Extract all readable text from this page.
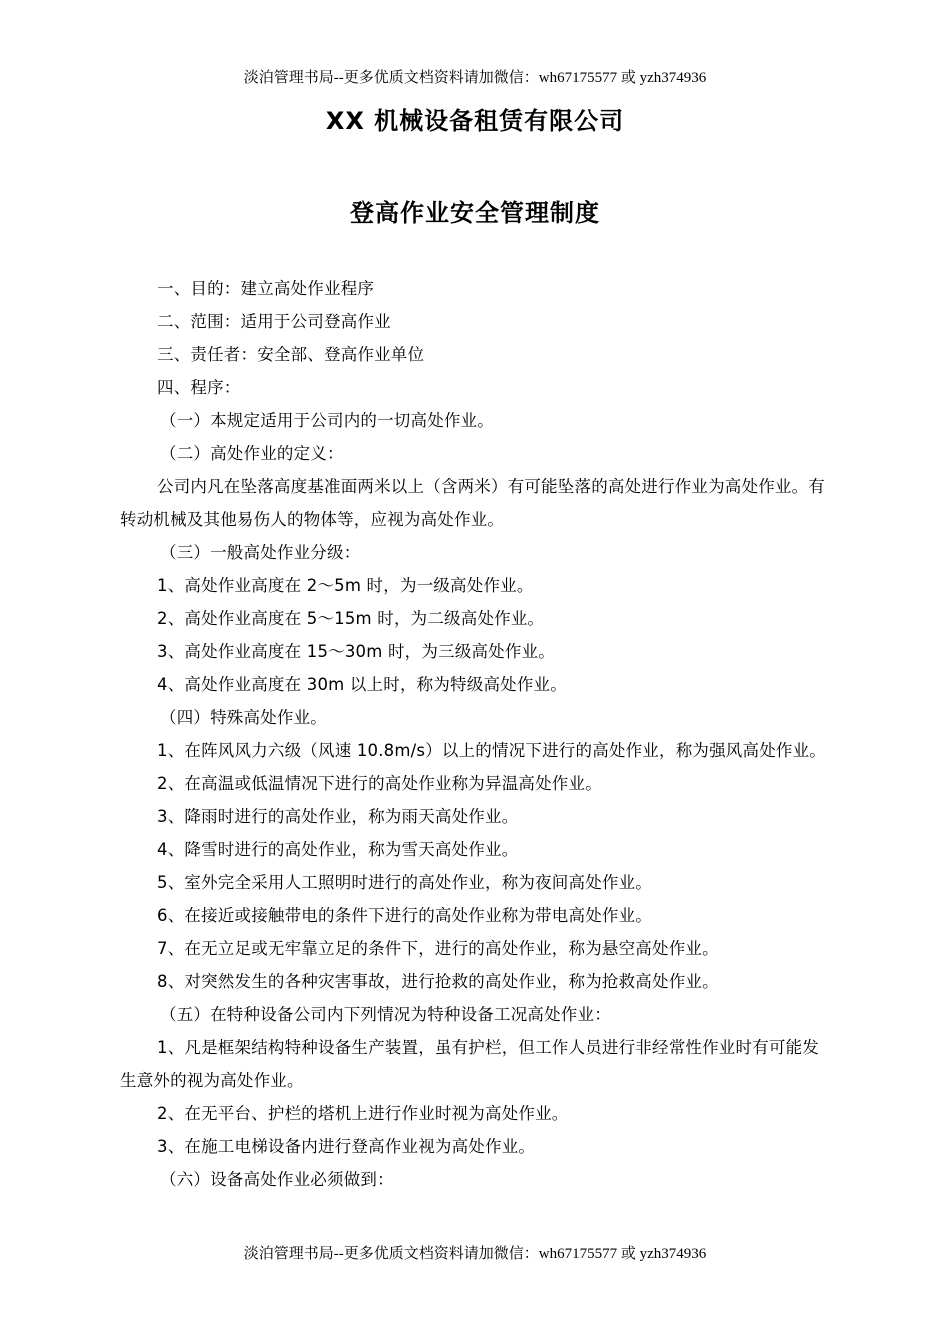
淡泊管理书局--更多优质文档资料请加微信：wh67175577 或 yzh374936
XX 机械设备租赁有限公司
登高作业安全管理制度

一、目的：建立高处作业程序

二、范围：适用于公司登高作业

三、责任者：安全部、登高作业单位

四、程序：

（一）本规定适用于公司内的一切高处作业。

（二）高处作业的定义：

公司内凡在坠落高度基准面两米以上（含两米）有可能坠落的高处进行作业为高处作业。有转动机械及其他易伤人的物体等，应视为高处作业。

（三）一般高处作业分级：

1、高处作业高度在 2～5m 时，为一级高处作业。

2、高处作业高度在 5～15m 时，为二级高处作业。

3、高处作业高度在 15～30m 时，为三级高处作业。

4、高处作业高度在 30m 以上时，称为特级高处作业。

（四）特殊高处作业。

1、在阵风风力六级（风速 10.8m/s）以上的情况下进行的高处作业，称为强风高处作业。

2、在高温或低温情况下进行的高处作业称为异温高处作业。

3、降雨时进行的高处作业，称为雨天高处作业。

4、降雪时进行的高处作业，称为雪天高处作业。

5、室外完全采用人工照明时进行的高处作业，称为夜间高处作业。

6、在接近或接触带电的条件下进行的高处作业称为带电高处作业。

7、在无立足或无牢靠立足的条件下，进行的高处作业，称为悬空高处作业。

8、对突然发生的各种灾害事故，进行抢救的高处作业，称为抢救高处作业。

（五）在特种设备公司内下列情况为特种设备工况高处作业：

1、凡是框架结构特种设备生产装置，虽有护栏，但工作人员进行非经常性作业时有可能发生意外的视为高处作业。

2、在无平台、护栏的塔机上进行作业时视为高处作业。

3、在施工电梯设备内进行登高作业视为高处作业。

（六）设备高处作业必须做到：

淡泊管理书局--更多优质文档资料请加微信：wh67175577 或 yzh374936
